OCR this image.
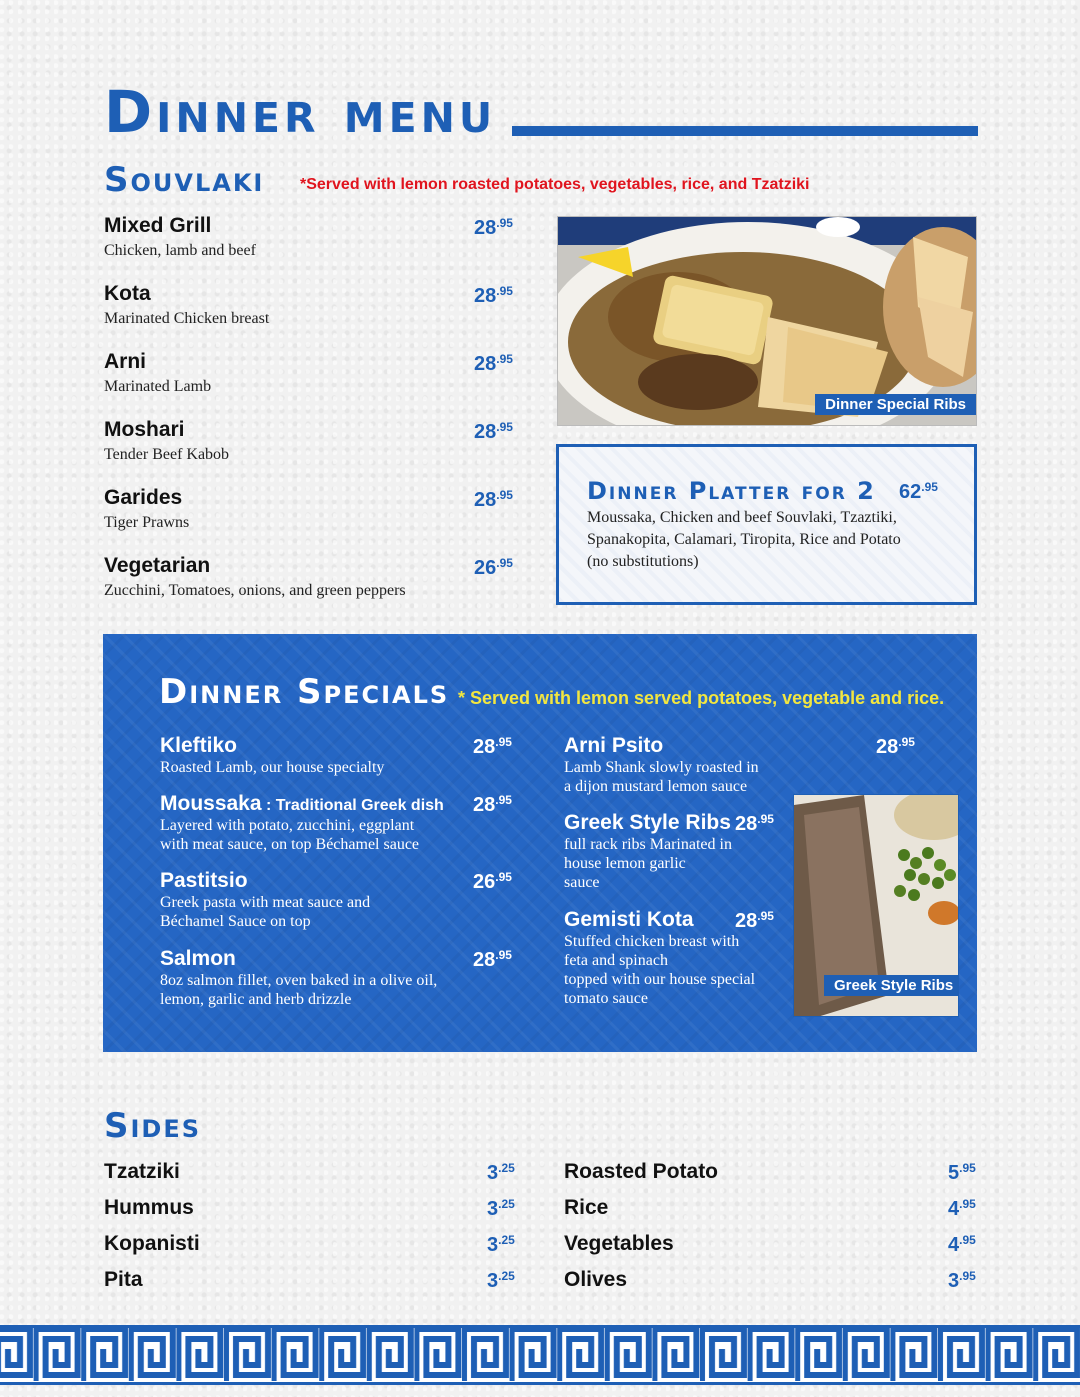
Dinner menu
Souvlaki *Served with lemon roasted potatoes, vegetables, rice, and Tzatziki
Mixed Grill
Chicken, lamb and beef
$28^{.95}$
Kota
Marinated Chicken breast
$28^{.95}$
Arni
Marinated Lamb
$28^{.95}$
Moshari
Tender Beef Kabob
$28^{.95}$
Garides
Tiger Prawns
$28^{.95}$
Vegetarian
Zucchini, Tomatoes, onions, and green peppers
$26^{.95}$
Dinner Special Ribs
Dinner Platter for 2 $62^{.95}$
Moussaka, Chicken and beef Souvlaki, Tzaztiki,
Spanakopita, Calamari, Tiropita, Rice and Potato
(no substitutions)
Dinner Specials * Served with lemon served potatoes, vegetable and rice.
Kleftiko
Roasted Lamb, our house specialty
$28^{.95}$
Moussaka : Traditional Greek dish
Layered with potato, zucchini, eggplant
with meat sauce, on top Béchamel sauce
$28^{.95}$
Pastitsio
Greek pasta with meat sauce and
Béchamel Sauce on top
$26^{.95}$
Salmon
8oz salmon fillet, oven baked in a olive oil,
lemon, garlic and herb drizzle
$28^{.95}$
Arni Psito
Lamb Shank slowly roasted in
a dijon mustard lemon sauce
$28^{.95}$
Greek Style Ribs
full rack ribs Marinated in
house lemon garlic
sauce
$28^{.95}$
Gemisti Kota
Stuffed chicken breast with
feta and spinach
topped with our house special
tomato sauce
$28^{.95}$
Greek Style Ribs
Sides
Tzatziki	$3^{.25}$
Hummus	$3^{.25}$
Kopanisti	$3^{.25}$
Pita	$3^{.25}$
Roasted Potato	$5^{.95}$
Rice	$4^{.95}$
Vegetables	$4^{.95}$
Olives	$3^{.95}$
